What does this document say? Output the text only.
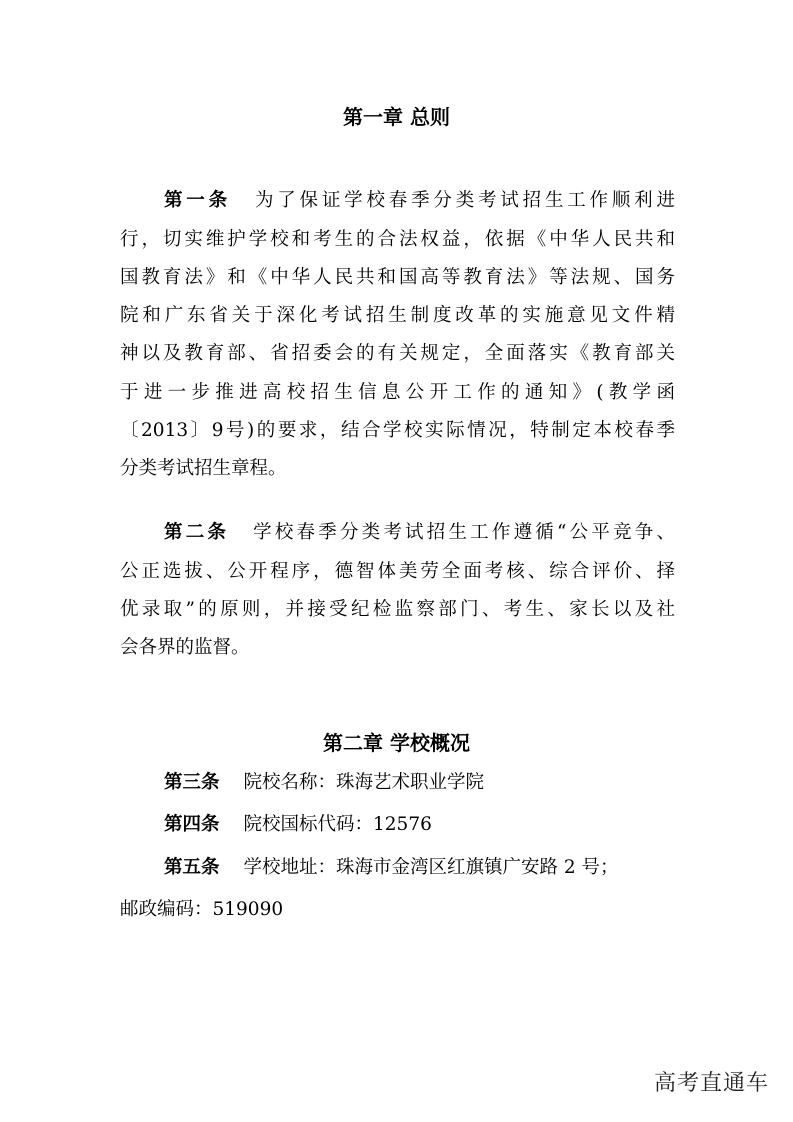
第一章 总则
第一条 为了保证学校春季分类考试招生工作顺利进
行，切实维护学校和考生的合法权益，依据《中华人民共和
国教育法》和《中华人民共和国高等教育法》等法规、国务
院和广东省关于深化考试招生制度改革的实施意见文件精
神以及教育部、省招委会的有关规定，全面落实《教育部关
于进一步推进高校招生信息公开工作的通知》(教学函
〔2013〕9号)的要求，结合学校实际情况，特制定本校春季
分类考试招生章程。
第二条 学校春季分类考试招生工作遵循“公平竞争、
公正选拔、公开程序，德智体美劳全面考核、综合评价、择
优录取”的原则，并接受纪检监察部门、考生、家长以及社
会各界的监督。
第二章 学校概况
第三条 院校名称：珠海艺术职业学院
第四条 院校国标代码：12576
第五条 学校地址：珠海市金湾区红旗镇广安路 2 号；
邮政编码：519090
高考直通车
